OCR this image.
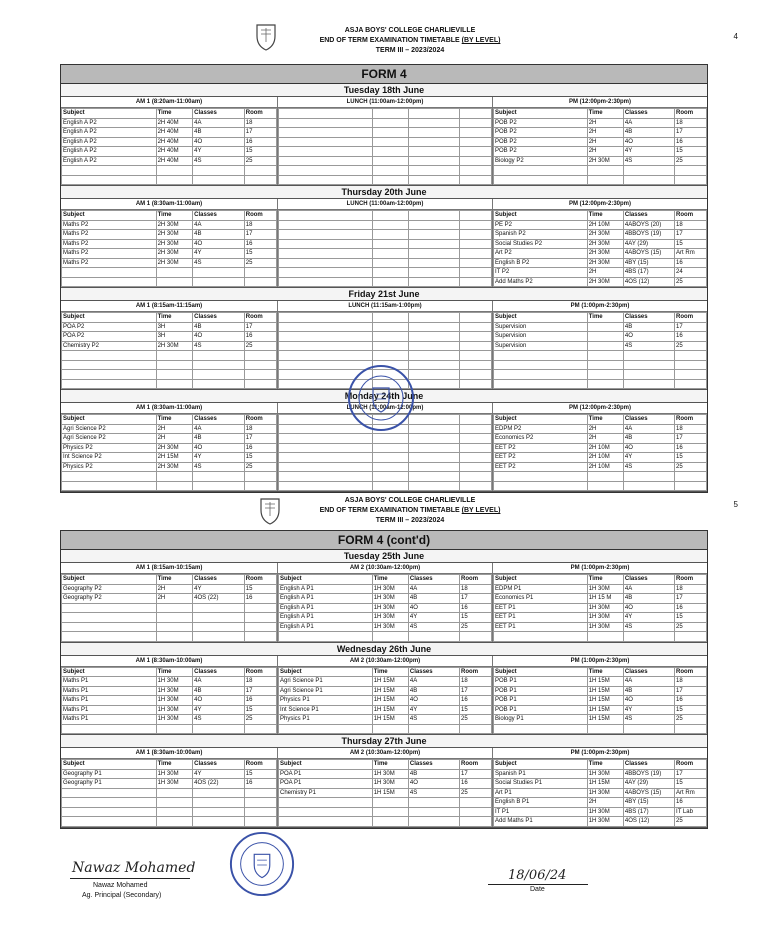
4
ASJA BOYS' COLLEGE CHARLIEVILLE
END OF TERM EXAMINATION TIMETABLE (BY LEVEL)
TERM III – 2023/2024
FORM 4
Tuesday 18th June
AM 1 (8:20am-11:00am)
Subject	Time	Classes	Room
English A P2	2H 40M	4A	18
English A P2	2H 40M	4B	17
English A P2	2H 40M	4O	16
English A P2	2H 40M	4Y	15
English A P2	2H 40M	4S	25

LUNCH (11:00am-12:00pm)

				PM (12:00pm-2:30pm)
Subject	Time	Classes	Room
POB P2	2H	4A	18
POB P2	2H	4B	17
POB P2	2H	4O	16
POB P2	2H	4Y	15
Biology P2	2H 30M	4S	25

Thursday 20th June
AM 1 (8:30am-11:00am)
Subject	Time	Classes	Room
Maths P2	2H 30M	4A	18
Maths P2	2H 30M	4B	17
Maths P2	2H 30M	4O	16
Maths P2	2H 30M	4Y	15
Maths P2	2H 30M	4S	25

LUNCH (11:00am-12:00pm)

				PM (12:00pm-2:30pm)
Subject	Time	Classes	Room
PE P2	2H 10M	4ABOYS (20)	18
Spanish P2	2H 30M	4BBOYS (19)	17
Social Studies P2	2H 30M	4AY (29)	15
Art P2	2H 30M	4ABOYS (15)	Art Rm
English B P2	2H 30M	4BY (15)	16
IT P2	2H	4BS (17)	24
Add Maths P2	2H 30M	4OS (12)	25
Friday 21st June
AM 1 (8:15am-11:15am)
Subject	Time	Classes	Room
POA P2	3H	4B	17
POA P2	3H	4O	16
Chemistry P2	2H 30M	4S	25

LUNCH (11:15am-1:00pm)

				PM (1:00pm-2:30pm)
Subject	Time	Classes	Room
Supervision		4B	17
Supervision		4O	16
Supervision		4S	25

Monday 24th June
AM 1 (8:30am-11:00am)
Subject	Time	Classes	Room
Agri Science P2	2H	4A	18
Agri Science P2	2H	4B	17
Physics P2	2H 30M	4O	16
Int Science P2	2H 15M	4Y	15
Physics P2	2H 30M	4S	25

LUNCH (11:00am-12:00pm)

				PM (12:00pm-2:30pm)
Subject	Time	Classes	Room
EDPM P2	2H	4A	18
Economics P2	2H	4B	17
EET P2	2H 10M	4O	16
EET P2	2H 10M	4Y	15
EET P2	2H 10M	4S	25

5
ASJA BOYS' COLLEGE CHARLIEVILLE
END OF TERM EXAMINATION TIMETABLE (BY LEVEL)
TERM III – 2023/2024
FORM 4 (cont'd)
Tuesday 25th June
AM 1 (8:15am-10:15am)
Subject	Time	Classes	Room
Geography P2	2H	4Y	15
Geography P2	2H	4OS (22)	16

AM 2 (10:30am-12:00pm)
Subject	Time	Classes	Room
English A P1	1H 30M	4A	18
English A P1	1H 30M	4B	17
English A P1	1H 30M	4O	16
English A P1	1H 30M	4Y	15
English A P1	1H 30M	4S	25

PM (1:00pm-2:30pm)
Subject	Time	Classes	Room
EDPM P1	1H 30M	4A	18
Economics P1	1H 15 M	4B	17
EET P1	1H 30M	4O	16
EET P1	1H 30M	4Y	15
EET P1	1H 30M	4S	25

Wednesday 26th June
AM 1 (8:30am-10:00am)
Subject	Time	Classes	Room
Maths P1	1H 30M	4A	18
Maths P1	1H 30M	4B	17
Maths P1	1H 30M	4O	16
Maths P1	1H 30M	4Y	15
Maths P1	1H 30M	4S	25

AM 2 (10:30am-12:00pm)
Subject	Time	Classes	Room
Agri Science P1	1H 15M	4A	18
Agri Science P1	1H 15M	4B	17
Physics P1	1H 15M	4O	16
Int Science P1	1H 15M	4Y	15
Physics P1	1H 15M	4S	25

PM (1:00pm-2:30pm)
Subject	Time	Classes	Room
POB P1	1H 15M	4A	18
POB P1	1H 15M	4B	17
POB P1	1H 15M	4O	16
POB P1	1H 15M	4Y	15
Biology P1	1H 15M	4S	25

Thursday 27th June
AM 1 (8:30am-10:00am)
Subject	Time	Classes	Room
Geography P1	1H 30M	4Y	15
Geography P1	1H 30M	4OS (22)	16

AM 2 (10:30am-12:00pm)
Subject	Time	Classes	Room
POA P1	1H 30M	4B	17
POA P1	1H 30M	4O	16
Chemistry P1	1H 15M	4S	25

PM (1:00pm-2:30pm)
Subject	Time	Classes	Room
Spanish P1	1H 30M	4BBOYS (19)	17
Social Studies P1	1H 15M	4AY (29)	15
Art P1	1H 30M	4ABOYS (15)	Art Rm
English B P1	2H	4BY (15)	16
IT P1	1H 30M	4BS (17)	IT Lab
Add Maths P1	1H 30M	4OS (12)	25
Nawaz Mohamed
Nawaz Mohamed
Ag. Principal (Secondary)
18/06/24
Date
